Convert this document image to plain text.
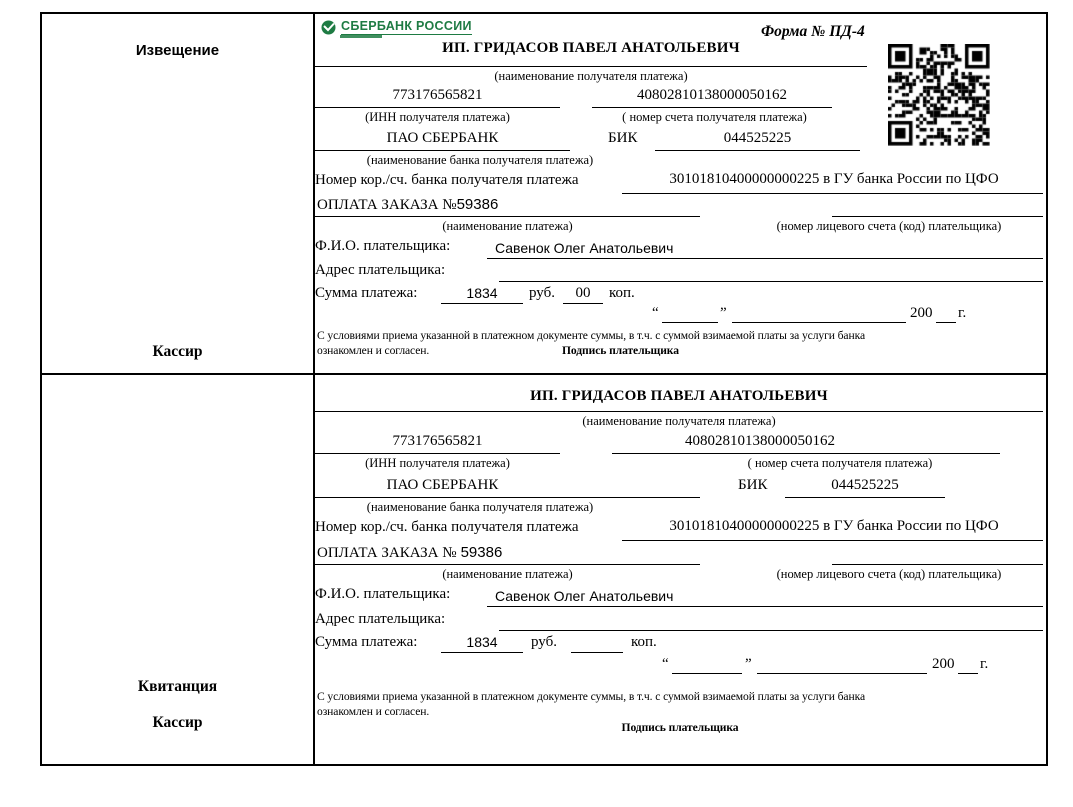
Извещение
Кассир
СБЕРБАНК РОССИИ	Форма № ПД-4
ИП. ГРИДАСОВ ПАВЕЛ АНАТОЛЬЕВИЧ
(наименование получателя платежа)
773176565821	40802810138000050162
(ИНН получателя платежа)	( номер счета получателя платежа)
ПАО СБЕРБАНК	БИК	044525225
(наименование банка получателя платежа)
Номер кор./сч. банка получателя платежа	30101810400000000225 в ГУ банка России по ЦФО
ОПЛАТА ЗАКАЗА №59386
(наименование платежа)	(номер лицевого счета (код) плательщика)
Ф.И.О. плательщика:	Савенок Олег Анатольевич
Адрес плательщика:
Сумма платежа:	1834	руб.	00	коп.
“	”	200 г.
С условиями приема указанной в платежном документе суммы, в т.ч. с суммой взимаемой платы за услуги банка
ознакомлен и согласен.	Подпись плательщика
Квитанция
Кассир
ИП. ГРИДАСОВ ПАВЕЛ АНАТОЛЬЕВИЧ
(наименование получателя платежа)
773176565821	40802810138000050162
(ИНН получателя платежа)	( номер счета получателя платежа)
ПАО СБЕРБАНК	БИК	044525225
(наименование банка получателя платежа)
Номер кор./сч. банка получателя платежа	30101810400000000225 в ГУ банка России по ЦФО
ОПЛАТА ЗАКАЗА № 59386
(наименование платежа)	(номер лицевого счета (код) плательщика)
Ф.И.О. плательщика:	Савенок Олег Анатольевич
Адрес плательщика:
Сумма платежа:	1834	руб.	коп.
“	”	200 г.
С условиями приема указанной в платежном документе суммы, в т.ч. с суммой взимаемой платы за услуги банка
ознакомлен и согласен.
Подпись плательщика
